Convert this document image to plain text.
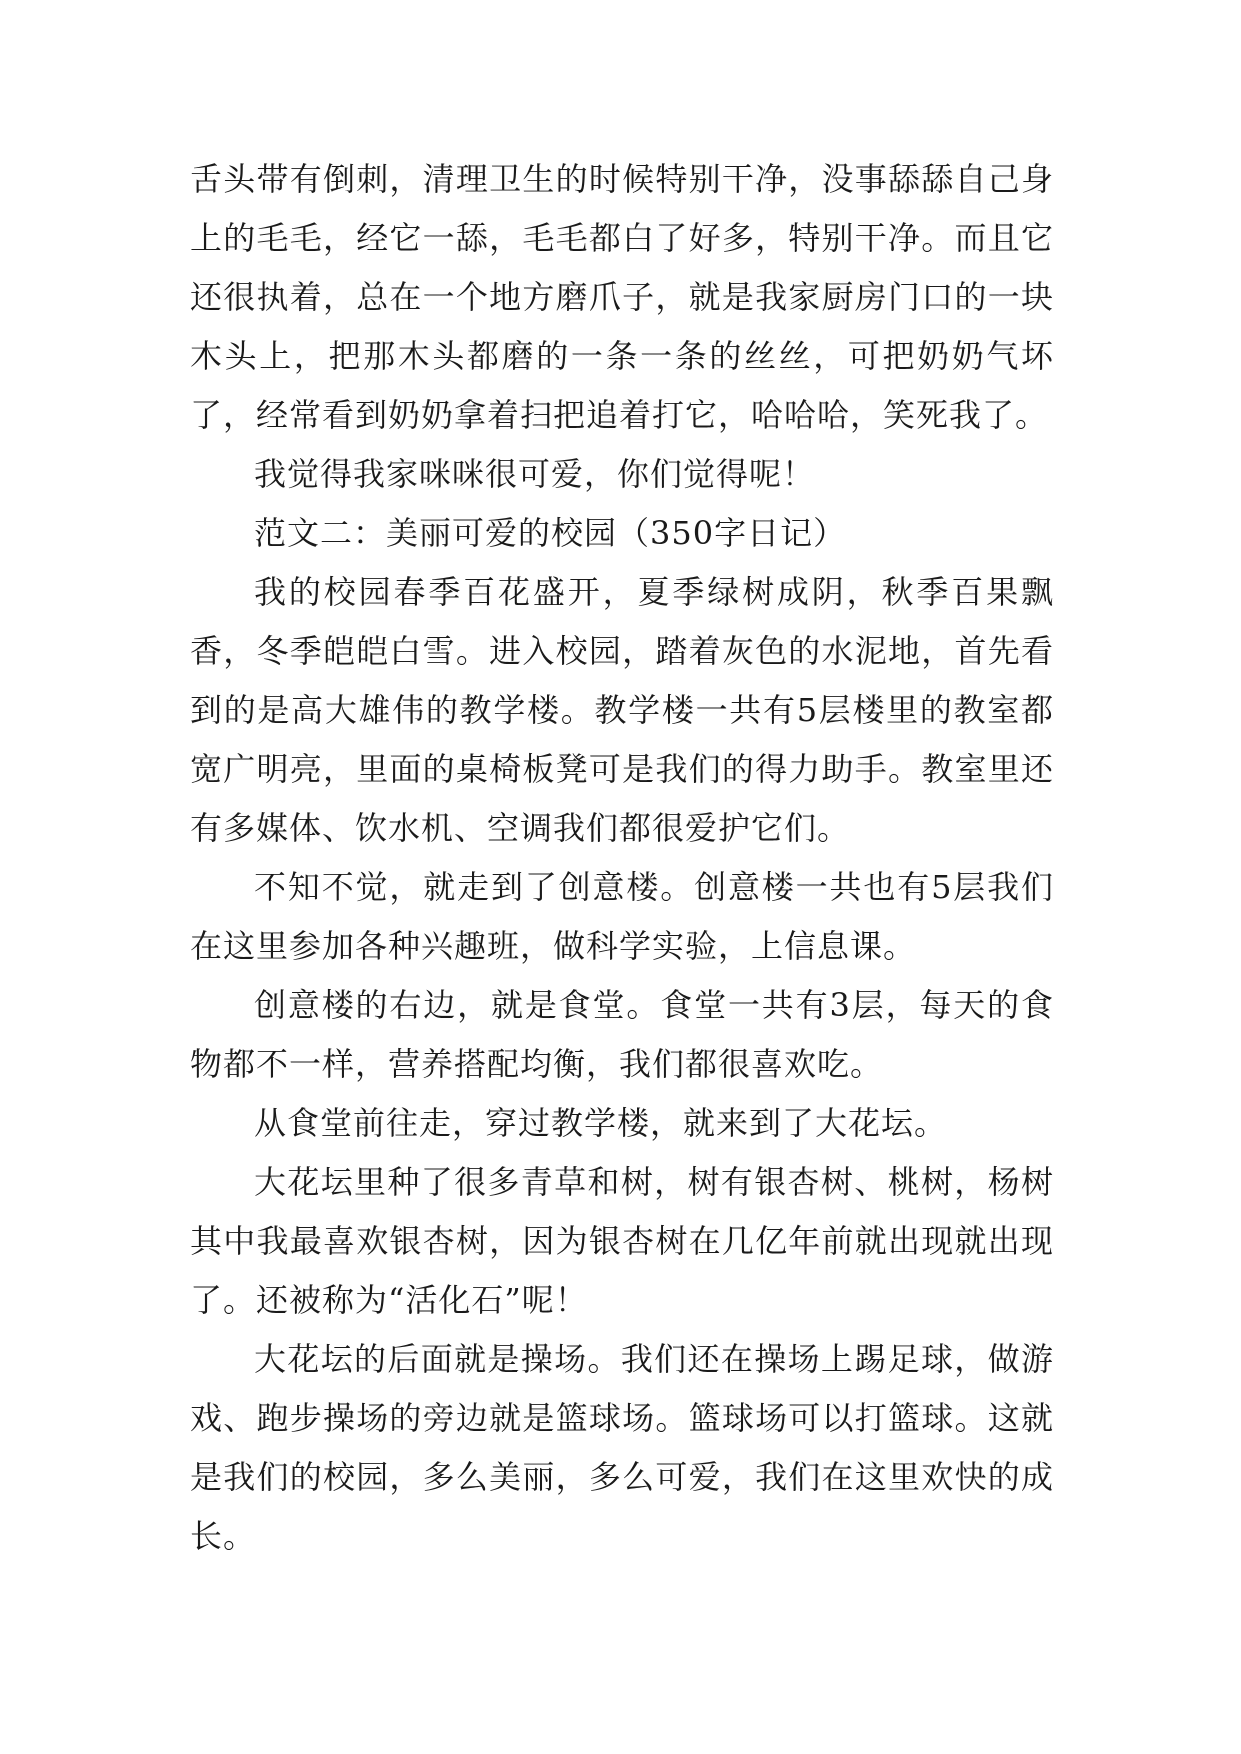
舌头带有倒刺，清理卫生的时候特别干净，没事舔舔自己身上的毛毛，经它一舔，毛毛都白了好多，特别干净。而且它还很执着，总在一个地方磨爪子，就是我家厨房门口的一块木头上，把那木头都磨的一条一条的丝丝，可把奶奶气坏了，经常看到奶奶拿着扫把追着打它，哈哈哈，笑死我了。

我觉得我家咪咪很可爱，你们觉得呢！

范文二：美丽可爱的校园（350字日记）

我的校园春季百花盛开，夏季绿树成阴，秋季百果飘香，冬季皑皑白雪。进入校园，踏着灰色的水泥地，首先看到的是高大雄伟的教学楼。教学楼一共有5层楼里的教室都宽广明亮，里面的桌椅板凳可是我们的得力助手。教室里还有多媒体、饮水机、空调我们都很爱护它们。

不知不觉，就走到了创意楼。创意楼一共也有5层我们在这里参加各种兴趣班，做科学实验，上信息课。

创意楼的右边，就是食堂。食堂一共有3层，每天的食物都不一样，营养搭配均衡，我们都很喜欢吃。

从食堂前往走，穿过教学楼，就来到了大花坛。

大花坛里种了很多青草和树，树有银杏树、桃树，杨树其中我最喜欢银杏树，因为银杏树在几亿年前就出现就出现了。还被称为“活化石”呢！

大花坛的后面就是操场。我们还在操场上踢足球，做游戏、跑步操场的旁边就是篮球场。篮球场可以打篮球。这就是我们的校园，多么美丽，多么可爱，我们在这里欢快的成长。
